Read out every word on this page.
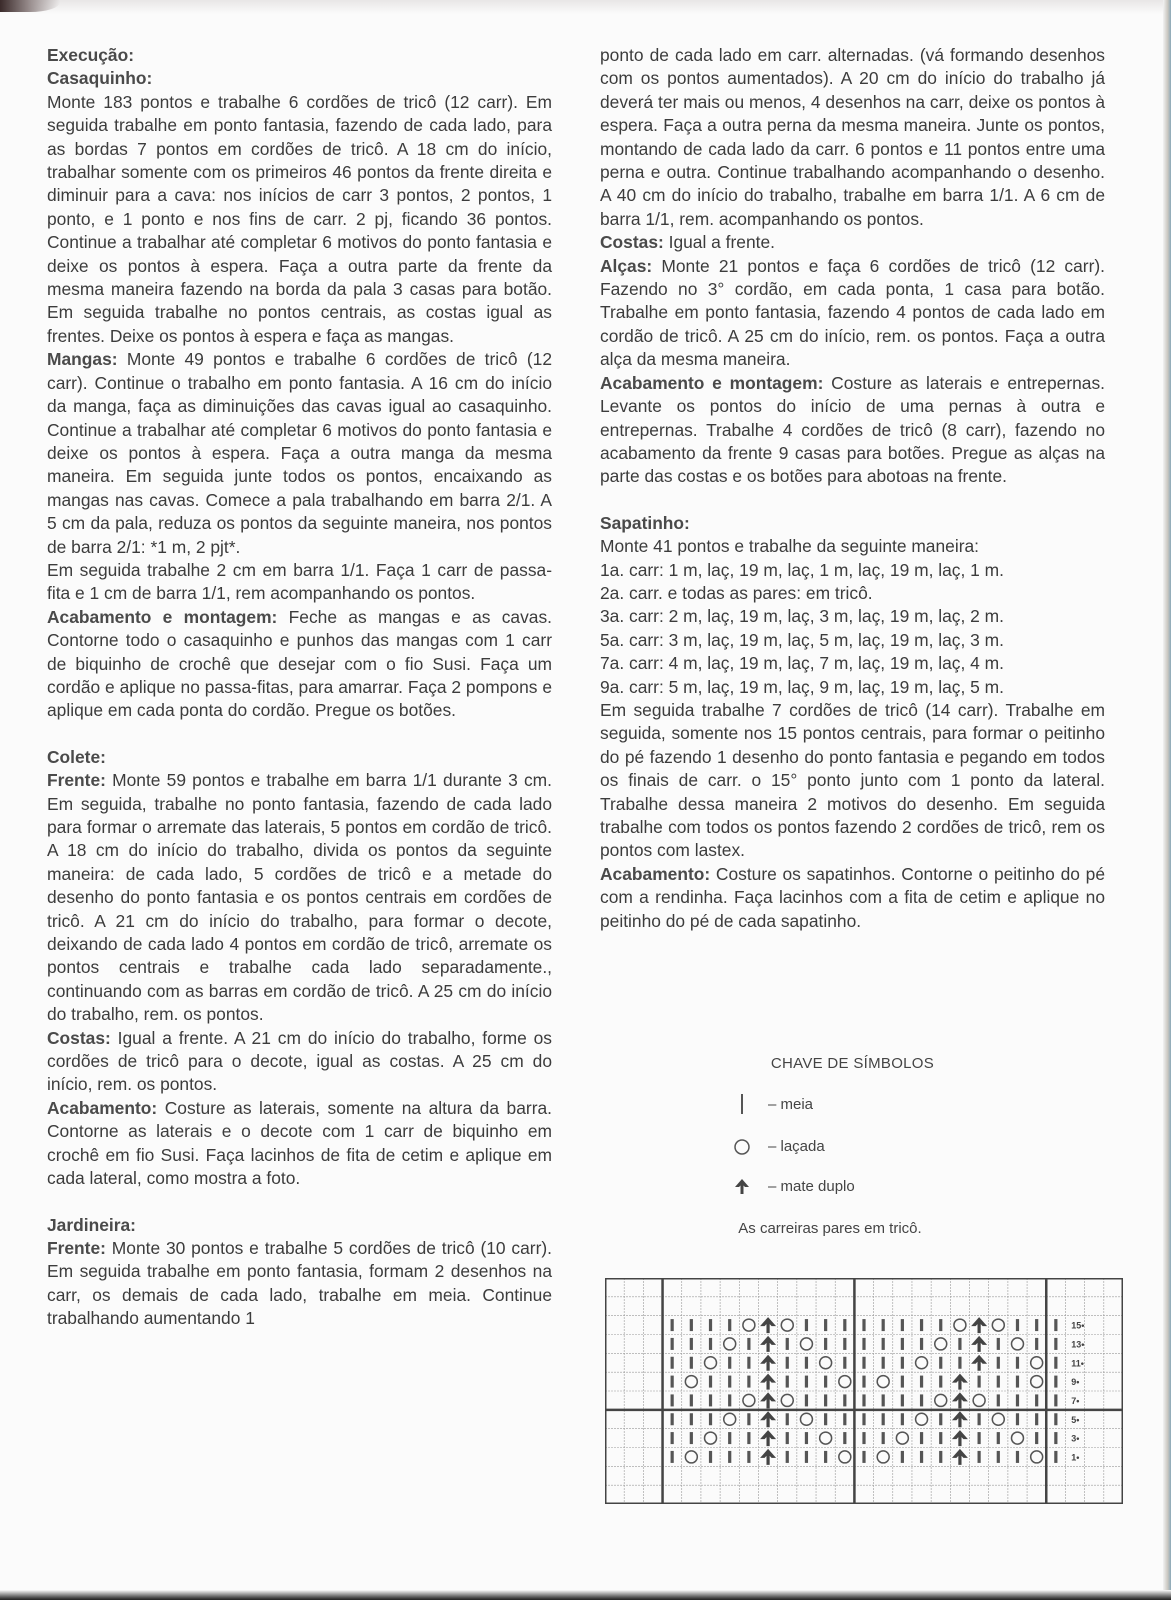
Execução:

Casaquinho:

Monte 183 pontos e trabalhe 6 cordões de tricô (12 carr). Em seguida trabalhe em ponto fantasia, fazendo de cada lado, para as bordas 7 pontos em cordões de tricô. A 18 cm do início, trabalhar somente com os primeiros 46 pontos da frente direita e diminuir para a cava: nos inícios de carr 3 pontos, 2 pontos, 1 ponto, e 1 ponto e nos fins de carr. 2 pj, ficando 36 pontos. Continue a trabalhar até completar 6 motivos do ponto fantasia e deixe os pontos à espera. Faça a outra parte da frente da mesma maneira fazendo na borda da pala 3 casas para botão. Em seguida trabalhe no pontos centrais, as costas igual as frentes. Deixe os pontos à espera e faça as mangas.

Mangas: Monte 49 pontos e trabalhe 6 cordões de tricô (12 carr). Continue o trabalho em ponto fantasia. A 16 cm do início da manga, faça as diminuições das cavas igual ao casaquinho. Continue a trabalhar até completar 6 motivos do ponto fantasia e deixe os pontos à espera. Faça a outra manga da mesma maneira. Em seguida junte todos os pontos, encaixando as mangas nas cavas. Comece a pala trabalhando em barra 2/1. A 5 cm da pala, reduza os pontos da seguinte maneira, nos pontos de barra 2/1: *1 m, 2 pjt*.

Em seguida trabalhe 2 cm em barra 1/1. Faça 1 carr de passa-fita e 1 cm de barra 1/1, rem acompanhando os pontos.

Acabamento e montagem: Feche as mangas e as cavas. Contorne todo o casaquinho e punhos das mangas com 1 carr de biquinho de crochê que desejar com o fio Susi. Faça um cordão e aplique no passa-fitas, para amarrar. Faça 2 pompons e aplique em cada ponta do cordão. Pregue os botões.

Colete:

Frente: Monte 59 pontos e trabalhe em barra 1/1 durante 3 cm. Em seguida, trabalhe no ponto fantasia, fazendo de cada lado para formar o arremate das laterais, 5 pontos em cordão de tricô. A 18 cm do início do trabalho, divida os pontos da seguinte maneira: de cada lado, 5 cordões de tricô e a metade do desenho do ponto fantasia e os pontos centrais em cordões de tricô. A 21 cm do início do trabalho, para formar o decote, deixando de cada lado 4 pontos em cordão de tricô, arremate os pontos centrais e trabalhe cada lado separadamente., continuando com as barras em cordão de tricô. A 25 cm do início do trabalho, rem. os pontos.

Costas: Igual a frente. A 21 cm do início do trabalho, forme os cordões de tricô para o decote, igual as costas. A 25 cm do início, rem. os pontos.

Acabamento: Costure as laterais, somente na altura da barra. Contorne as laterais e o decote com 1 carr de biquinho em crochê em fio Susi. Faça lacinhos de fita de cetim e aplique em cada lateral, como mostra a foto.

Jardineira:

Frente: Monte 30 pontos e trabalhe 5 cordões de tricô (10 carr). Em seguida trabalhe em ponto fantasia, formam 2 desenhos na carr, os demais de cada lado, trabalhe em meia. Continue trabalhando aumentando 1

ponto de cada lado em carr. alternadas. (vá formando desenhos com os pontos aumentados). A 20 cm do início do trabalho já deverá ter mais ou menos, 4 desenhos na carr, deixe os pontos à espera. Faça a outra perna da mesma maneira. Junte os pontos, montando de cada lado da carr. 6 pontos e 11 pontos entre uma perna e outra. Continue trabalhando acompanhando o desenho. A 40 cm do início do trabalho, trabalhe em barra 1/1. A 6 cm de barra 1/1, rem. acompanhando os pontos.

Costas: Igual a frente.

Alças: Monte 21 pontos e faça 6 cordões de tricô (12 carr). Fazendo no 3° cordão, em cada ponta, 1 casa para botão. Trabalhe em ponto fantasia, fazendo 4 pontos de cada lado em cordão de tricô. A 25 cm do início, rem. os pontos. Faça a outra alça da mesma maneira.

Acabamento e montagem: Costure as laterais e entrepernas. Levante os pontos do início de uma pernas à outra e entrepernas. Trabalhe 4 cordões de tricô (8 carr), fazendo no acabamento da frente 9 casas para botões. Pregue as alças na parte das costas e os botões para abotoas na frente.

Sapatinho:

Monte 41 pontos e trabalhe da seguinte maneira:

1a. carr: 1 m, laç, 19 m, laç, 1 m, laç, 19 m, laç, 1 m.

2a. carr. e todas as pares: em tricô.

3a. carr: 2 m, laç, 19 m, laç, 3 m, laç, 19 m, laç, 2 m.

5a. carr: 3 m, laç, 19 m, laç, 5 m, laç, 19 m, laç, 3 m.

7a. carr: 4 m, laç, 19 m, laç, 7 m, laç, 19 m, laç, 4 m.

9a. carr: 5 m, laç, 19 m, laç, 9 m, laç, 19 m, laç, 5 m.

Em seguida trabalhe 7 cordões de tricô (14 carr). Trabalhe em seguida, somente nos 15 pontos centrais, para formar o peitinho do pé fazendo 1 desenho do ponto fantasia e pegando em todos os finais de carr. o 15° ponto junto com 1 ponto da lateral. Trabalhe dessa maneira 2 motivos do desenho. Em seguida trabalhe com todos os pontos fazendo 2 cordões de tricô, rem os pontos com lastex.

Acabamento: Costure os sapatinhos. Contorne o peitinho do pé com a rendinha. Faça lacinhos com a fita de cetim e aplique no peitinho do pé de cada sapatinho.

CHAVE DE SÍMBOLOS

– meia
– laçada
– mate duplo

As carreiras pares em tricô.

15•
13•
11•
9•
7•
5•
3•
1•
